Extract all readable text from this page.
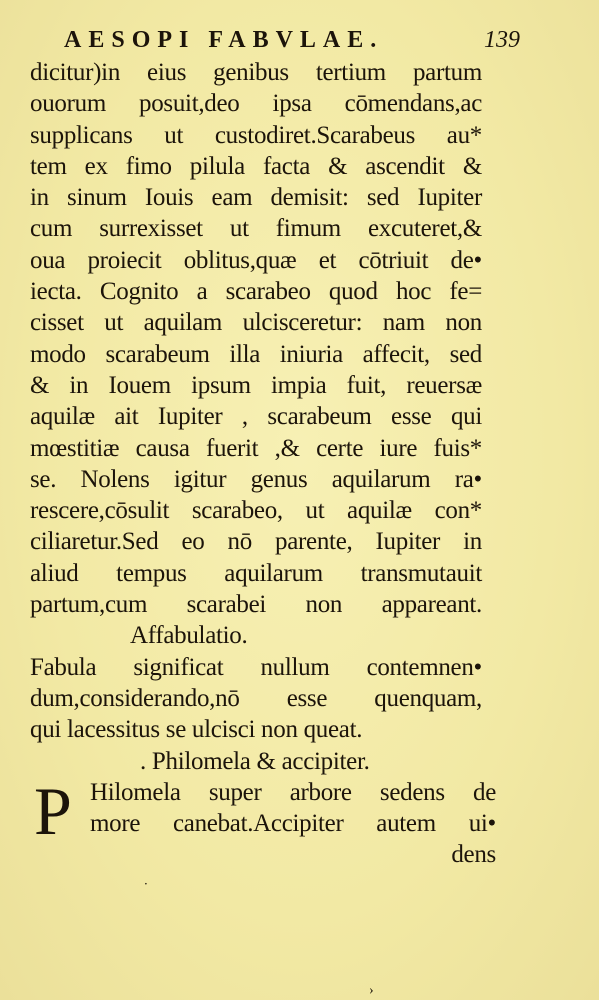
AESOPI FABVLAE.	139
dicitur)in eius genibus tertium partum
ouorum posuit,deo ipsa cōmendans,ac
supplicans ut custodiret.Scarabeus au*
tem ex fimo pilula facta & ascendit &
in sinum Iouis eam demisit: sed Iupiter
cum surrexisset ut fimum excuteret,&
oua proiecit oblitus,quæ et cōtriuit de•
iecta. Cognito a scarabeo quod hoc fe=
cisset ut aquilam ulcisceretur: nam non
modo scarabeum illa iniuria affecit, sed
& in Iouem ipsum impia fuit, reuersæ
aquilæ ait Iupiter , scarabeum esse qui
mœstitiæ causa fuerit ,& certe iure fuis*
se. Nolens igitur genus aquilarum ra•
rescere,cōsulit scarabeo, ut aquilæ con*
ciliaretur.Sed eo nō parente, Iupiter in
aliud tempus aquilarum transmutauit
partum,cum scarabei non appareant.
Affabulatio.
Fabula significat nullum contemnen•
dum,considerando,nō esse quenquam,
qui lacessitus se ulcisci non queat.
. Philomela & accipiter.
P Hilomela super arbore sedens de
more canebat.Accipiter autem ui•
dens
·
›
